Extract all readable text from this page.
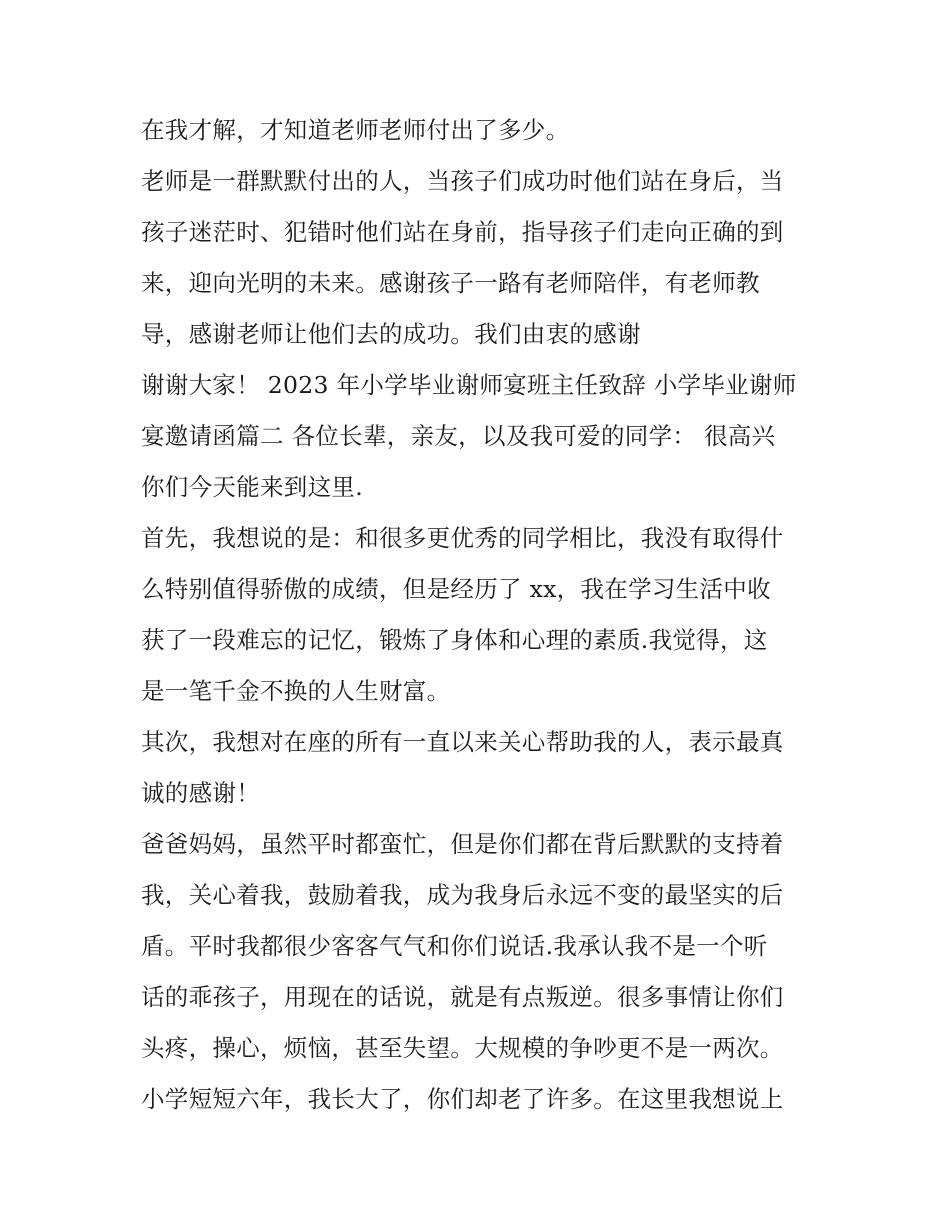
在我才解，才知道老师老师付出了多少。
老师是一群默默付出的人，当孩子们成功时他们站在身后，当
孩子迷茫时、犯错时他们站在身前，指导孩子们走向正确的到
来，迎向光明的未来。感谢孩子一路有老师陪伴，有老师教
导，感谢老师让他们去的成功。我们由衷的感谢
谢谢大家！ 2023 年小学毕业谢师宴班主任致辞 小学毕业谢师
宴邀请函篇二 各位长辈，亲友，以及我可爱的同学： 很高兴
你们今天能来到这里.
首先，我想说的是：和很多更优秀的同学相比，我没有取得什
么特别值得骄傲的成绩，但是经历了 xx，我在学习生活中收
获了一段难忘的记忆，锻炼了身体和心理的素质.我觉得，这
是一笔千金不换的人生财富。
其次，我想对在座的所有一直以来关心帮助我的人，表示最真
诚的感谢！
爸爸妈妈，虽然平时都蛮忙，但是你们都在背后默默的支持着
我，关心着我，鼓励着我，成为我身后永远不变的最坚实的后
盾。平时我都很少客客气气和你们说话.我承认我不是一个听
话的乖孩子，用现在的话说，就是有点叛逆。很多事情让你们
头疼，操心，烦恼，甚至失望。大规模的争吵更不是一两次。
小学短短六年，我长大了，你们却老了许多。在这里我想说上
